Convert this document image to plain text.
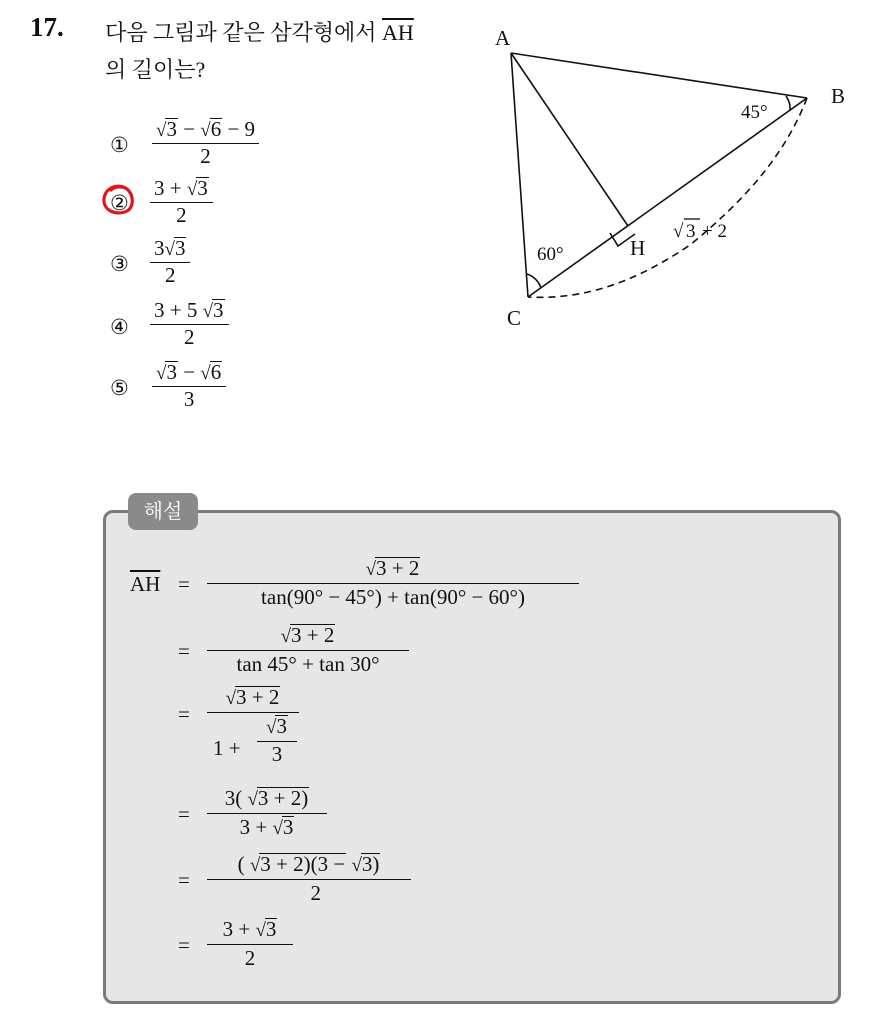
17. 다음 그림과 같은 삼각형에서 $\overline{AH}$
의 길이는?
① $\frac{√3 - √6 - 9}{2}$
② $\frac{3 + √3}{2}$
③ $\frac{3√3}{2}$
④ $\frac{3 + 5 √3}{2}$
⑤ $\frac{√3 - √6}{3}$
A
B
C
H
45°
60°
√ 3 + 2
해설
$\overline{AH}$ =
√3 + 2
tan(90° − 45°) + tan(90° − 60°)
=
√3 + 2
tan 45° + tan 30°
=
√3 + 2
1 +
√3
3
=
3( √3 + 2)
3 + √3
=
( √3 + 2)(3 − √3)
2
=
3 + √3
2
